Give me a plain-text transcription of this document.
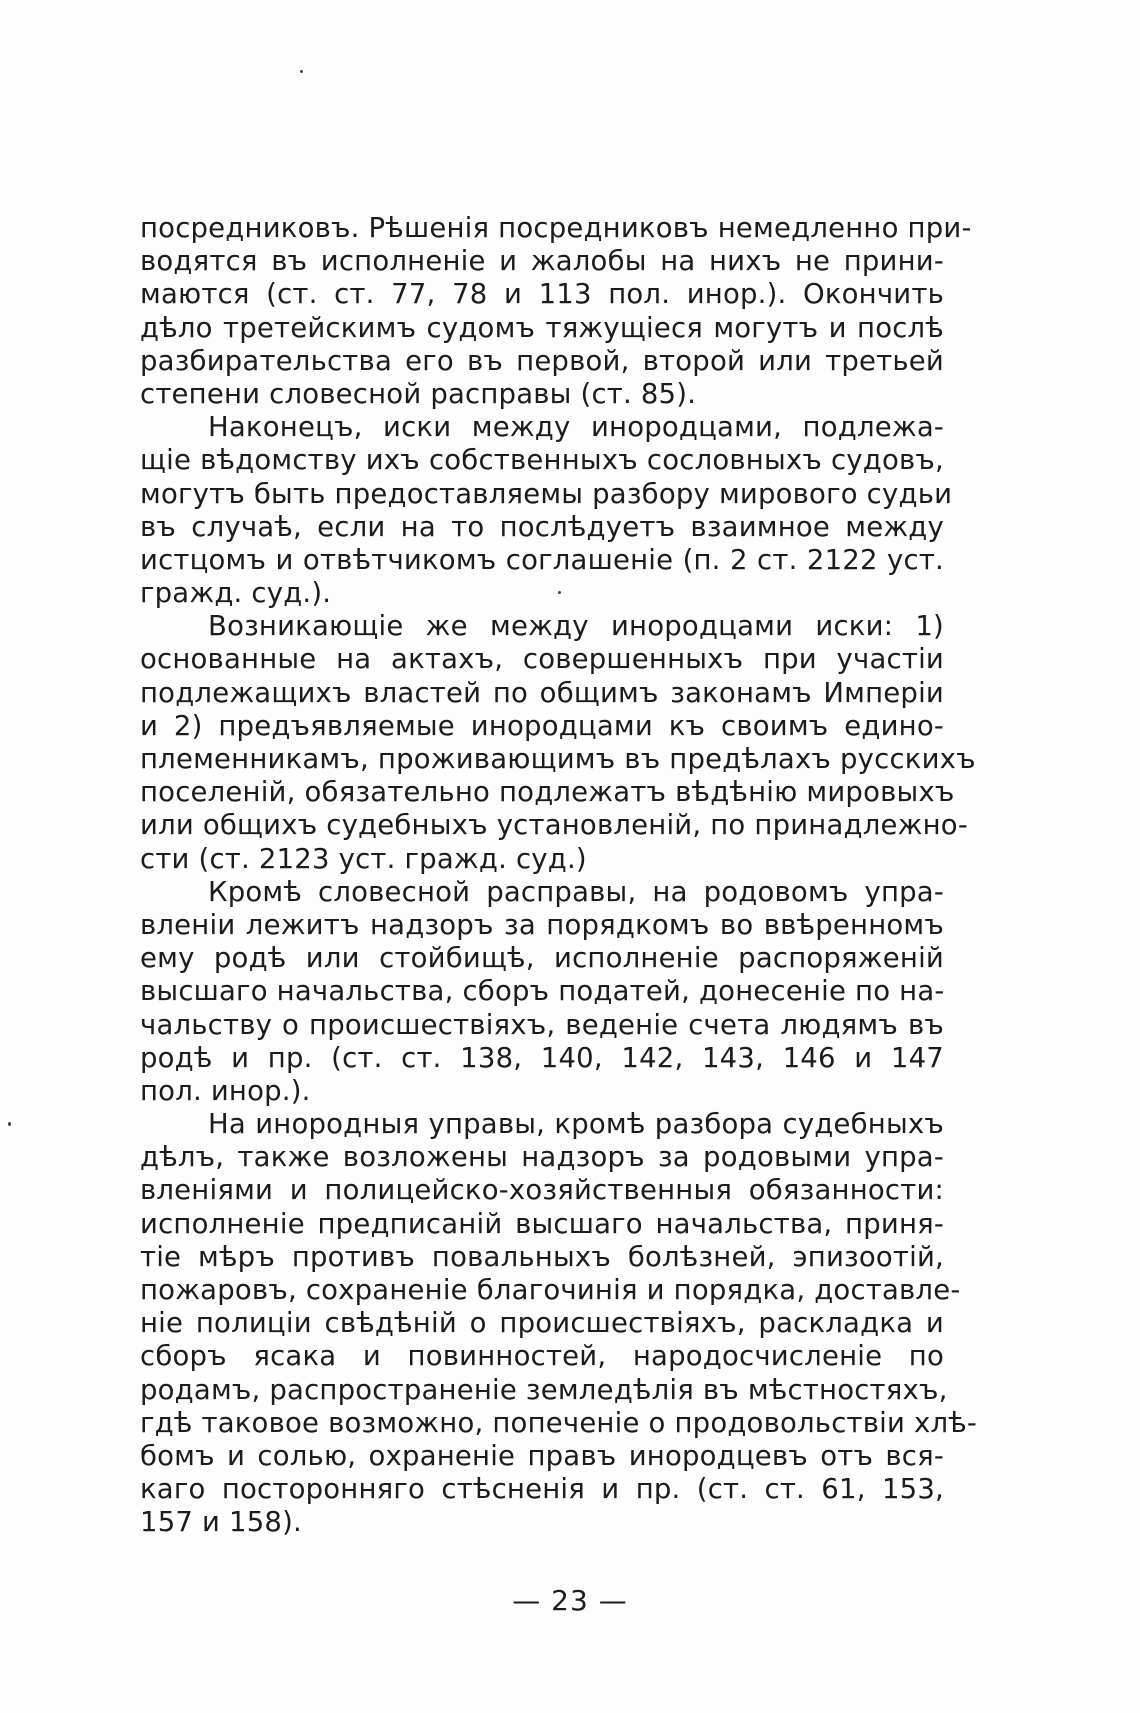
посредниковъ. Рѣшенія посредниковъ немедленно при-
водятся въ исполненіе и жалобы на нихъ не прини-
маются (ст. ст. 77, 78 и 113 пол. инор.). Окончить
дѣло третейскимъ судомъ тяжущіеся могутъ и послѣ
разбирательства его въ первой, второй или третьей
степени словесной расправы (ст. 85).
Наконецъ, иски между инородцами, подлежа-
щіе вѣдомству ихъ собственныхъ сословныхъ судовъ,
могутъ быть предоставляемы разбору мирового судьи
въ случаѣ, если на то послѣдуетъ взаимное между
истцомъ и отвѣтчикомъ соглашеніе (п. 2 ст. 2122 уст.
гражд. суд.).
Возникающіе же между инородцами иски: 1)
основанные на актахъ, совершенныхъ при участіи
подлежащихъ властей по общимъ законамъ Имперіи
и 2) предъявляемые инородцами къ своимъ едино-
племенникамъ, проживающимъ въ предѣлахъ русскихъ
поселеній, обязательно подлежатъ вѣдѣнію мировыхъ
или общихъ судебныхъ установленій, по принадлежно-
сти (ст. 2123 уст. гражд. суд.)
Кромѣ словесной расправы, на родовомъ упра-
вленіи лежитъ надзоръ за порядкомъ во ввѣренномъ
ему родѣ или стойбищѣ, исполненіе распоряженій
высшаго начальства, сборъ податей, донесеніе по на-
чальству о происшествіяхъ, веденіе счета людямъ въ
родѣ и пр. (ст. ст. 138, 140, 142, 143, 146 и 147
пол. инор.).
На инородныя управы, кромѣ разбора судебныхъ
дѣлъ, также возложены надзоръ за родовыми упра-
вленіями и полицейско-хозяйственныя обязанности:
исполненіе предписаній высшаго начальства, приня-
тіе мѣръ противъ повальныхъ болѣзней, эпизоотій,
пожаровъ, сохраненіе благочинія и порядка, доставле-
ніе полиціи свѣдѣній о происшествіяхъ, раскладка и
сборъ ясака и повинностей, народосчисленіе по
родамъ, распространеніе земледѣлія въ мѣстностяхъ,
гдѣ таковое возможно, попеченіе о продовольствіи хлѣ-
бомъ и солью, охраненіе правъ инородцевъ отъ вся-
каго посторонняго стѣсненія и пр. (ст. ст. 61, 153,
157 и 158).
— 23 —
